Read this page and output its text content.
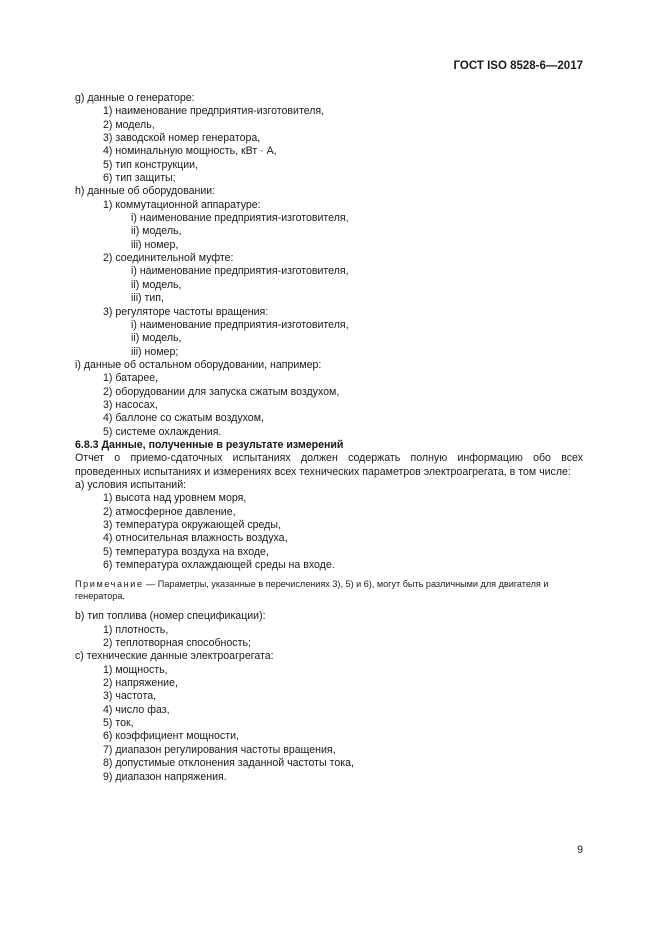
ГОСТ ISO 8528-6—2017
g) данные о генераторе:
1) наименование предприятия-изготовителя,
2) модель,
3) заводской номер генератора,
4) номинальную мощность, кВт · А,
5) тип конструкции,
6) тип защиты;
h) данные об оборудовании:
1) коммутационной аппаратуре:
i) наименование предприятия-изготовителя,
ii) модель,
iii) номер,
2) соединительной муфте:
i) наименование предприятия-изготовителя,
ii) модель,
iii) тип,
3) регуляторе частоты вращения:
i) наименование предприятия-изготовителя,
ii) модель,
iii) номер;
i) данные об остальном оборудовании, например:
1) батарее,
2) оборудовании для запуска сжатым воздухом,
3) насосах,
4) баллоне со сжатым воздухом,
5) системе охлаждения.
6.8.3 Данные, полученные в результате измерений
Отчет о приемо-сдаточных испытаниях должен содержать полную информацию обо всех проведенных испытаниях и измерениях всех технических параметров электроагрегата, в том числе:
a) условия испытаний:
1) высота над уровнем моря,
2) атмосферное давление,
3) температура окружающей среды,
4) относительная влажность воздуха,
5) температура воздуха на входе,
6) температура охлаждающей среды на входе.
Примечание — Параметры, указанные в перечислениях 3), 5) и 6), могут быть различными для двигателя и генератора.
b) тип топлива (номер спецификации):
1) плотность,
2) теплотворная способность;
c) технические данные электроагрегата:
1) мощность,
2) напряжение,
3) частота,
4) число фаз,
5) ток,
6) коэффициент мощности,
7) диапазон регулирования частоты вращения,
8) допустимые отклонения заданной частоты тока,
9) диапазон напряжения.
9
